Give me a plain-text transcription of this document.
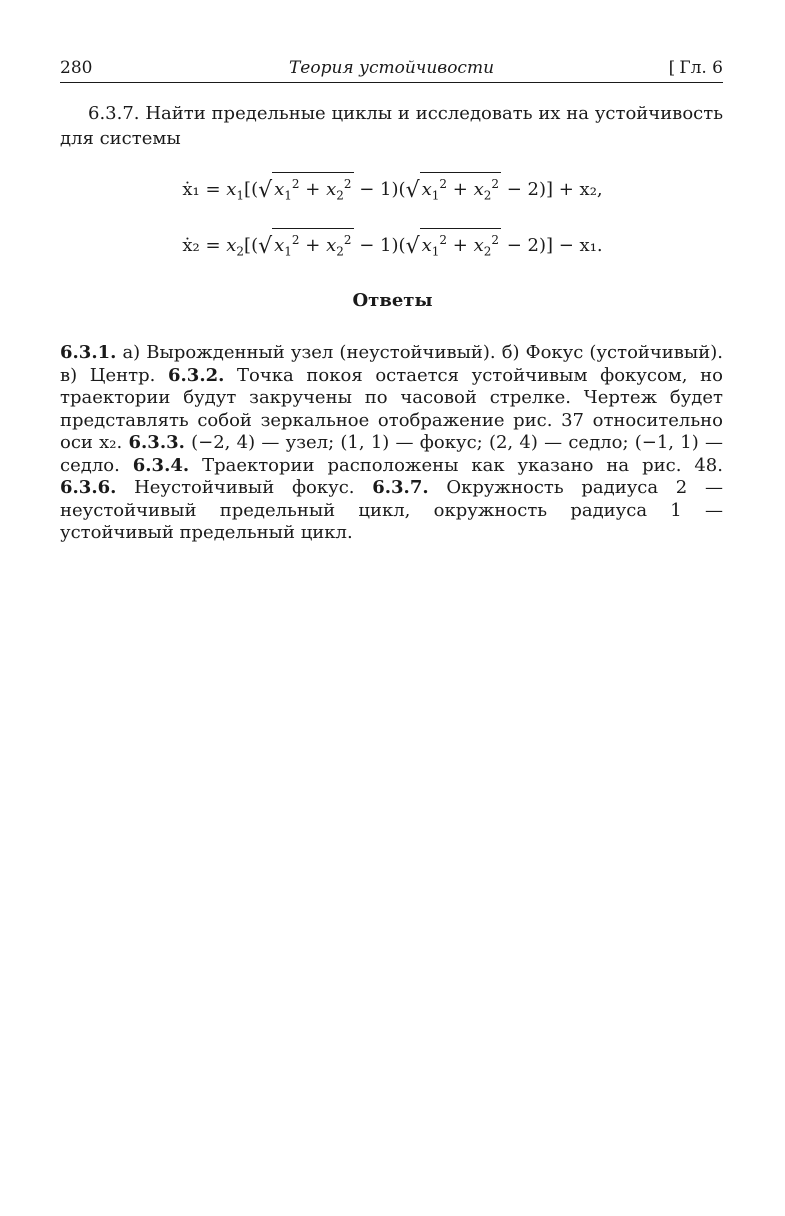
280	Теория устойчивости	[ Гл. 6
6.3.7. Найти предельные циклы и исследовать их на устойчивость для системы
ẋ₁ = $x_1[(√$ $x_1^2 + x_2^2 - 1)(√$ $x_1^2 + x_2^2 - 2)] + x_2$,
ẋ₂ = $x_2[(√$ $x_1^2 + x_2^2 - 1)(√$ $x_1^2 + x_2^2 - 2)] - x_1$.
Ответы
6.3.1. а) Вырожденный узел (неустойчивый). б) Фокус (устойчивый). в) Центр. 6.3.2. Точка покоя остается устойчивым фокусом, но траектории будут закручены по часовой стрелке. Чертеж будет представлять собой зеркальное отображение рис. 37 относительно оси x₂. 6.3.3. (−2, 4) — узел; (1, 1) — фокус; (2, 4) — седло; (−1, 1) — седло. 6.3.4. Траектории расположены как указано на рис. 48. 6.3.6. Неустойчивый фокус. 6.3.7. Окружность радиуса 2 — неустойчивый предельный цикл, окружность радиуса 1 — устойчивый предельный цикл.
